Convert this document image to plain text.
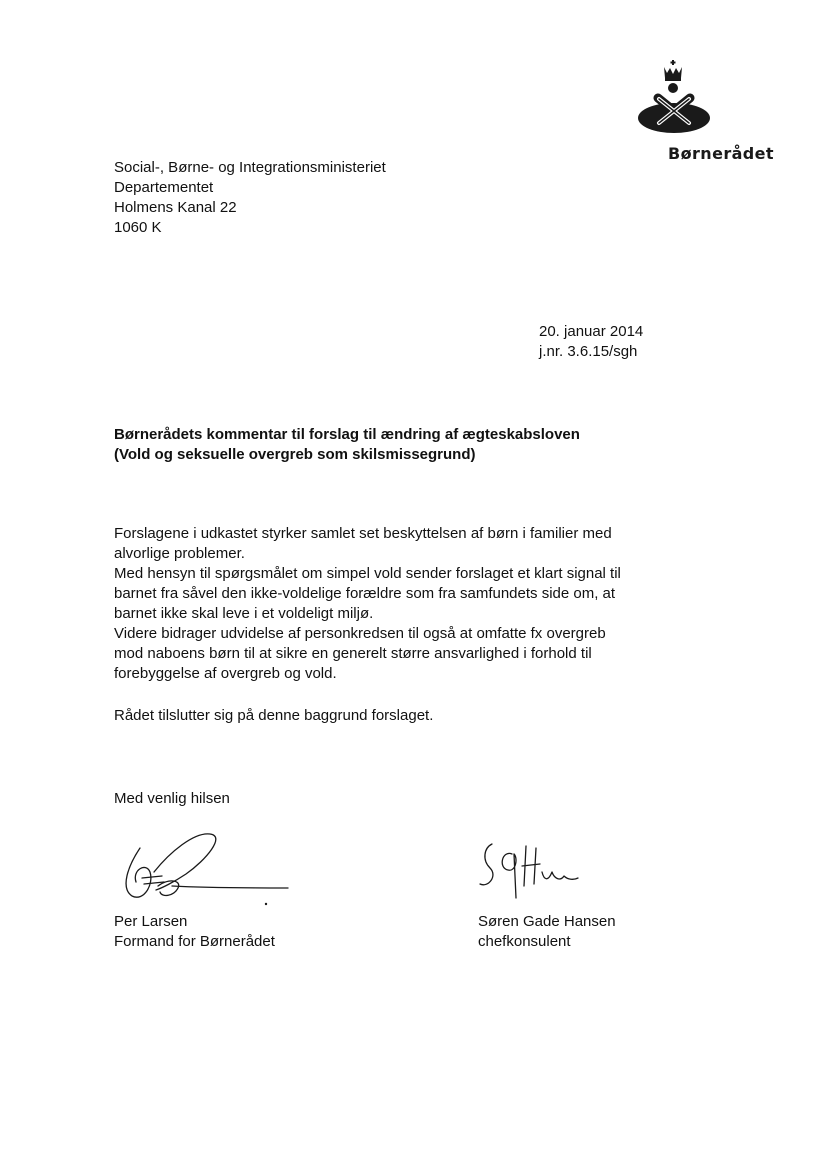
Børnerådet
Social-, Børne- og Integrationsministeriet
Departementet
Holmens Kanal 22
1060 K
20. januar 2014
j.nr. 3.6.15/sgh
Børnerådets kommentar til forslag til ændring af ægteskabsloven
(Vold og seksuelle overgreb som skilsmissegrund)
Forslagene i udkastet styrker samlet set beskyttelsen af børn i familier med
alvorlige problemer.
Med hensyn til spørgsmålet om simpel vold sender forslaget et klart signal til
barnet fra såvel den ikke-voldelige forældre som fra samfundets side om, at
barnet ikke skal leve i et voldeligt miljø.
Videre bidrager udvidelse af personkredsen til også at omfatte fx overgreb
mod naboens børn til at sikre en generelt større ansvarlighed i forhold til
forebyggelse af overgreb og vold.
Rådet tilslutter sig på denne baggrund forslaget.
Med venlig hilsen
Per Larsen
Formand for Børnerådet
Søren Gade Hansen
chefkonsulent
